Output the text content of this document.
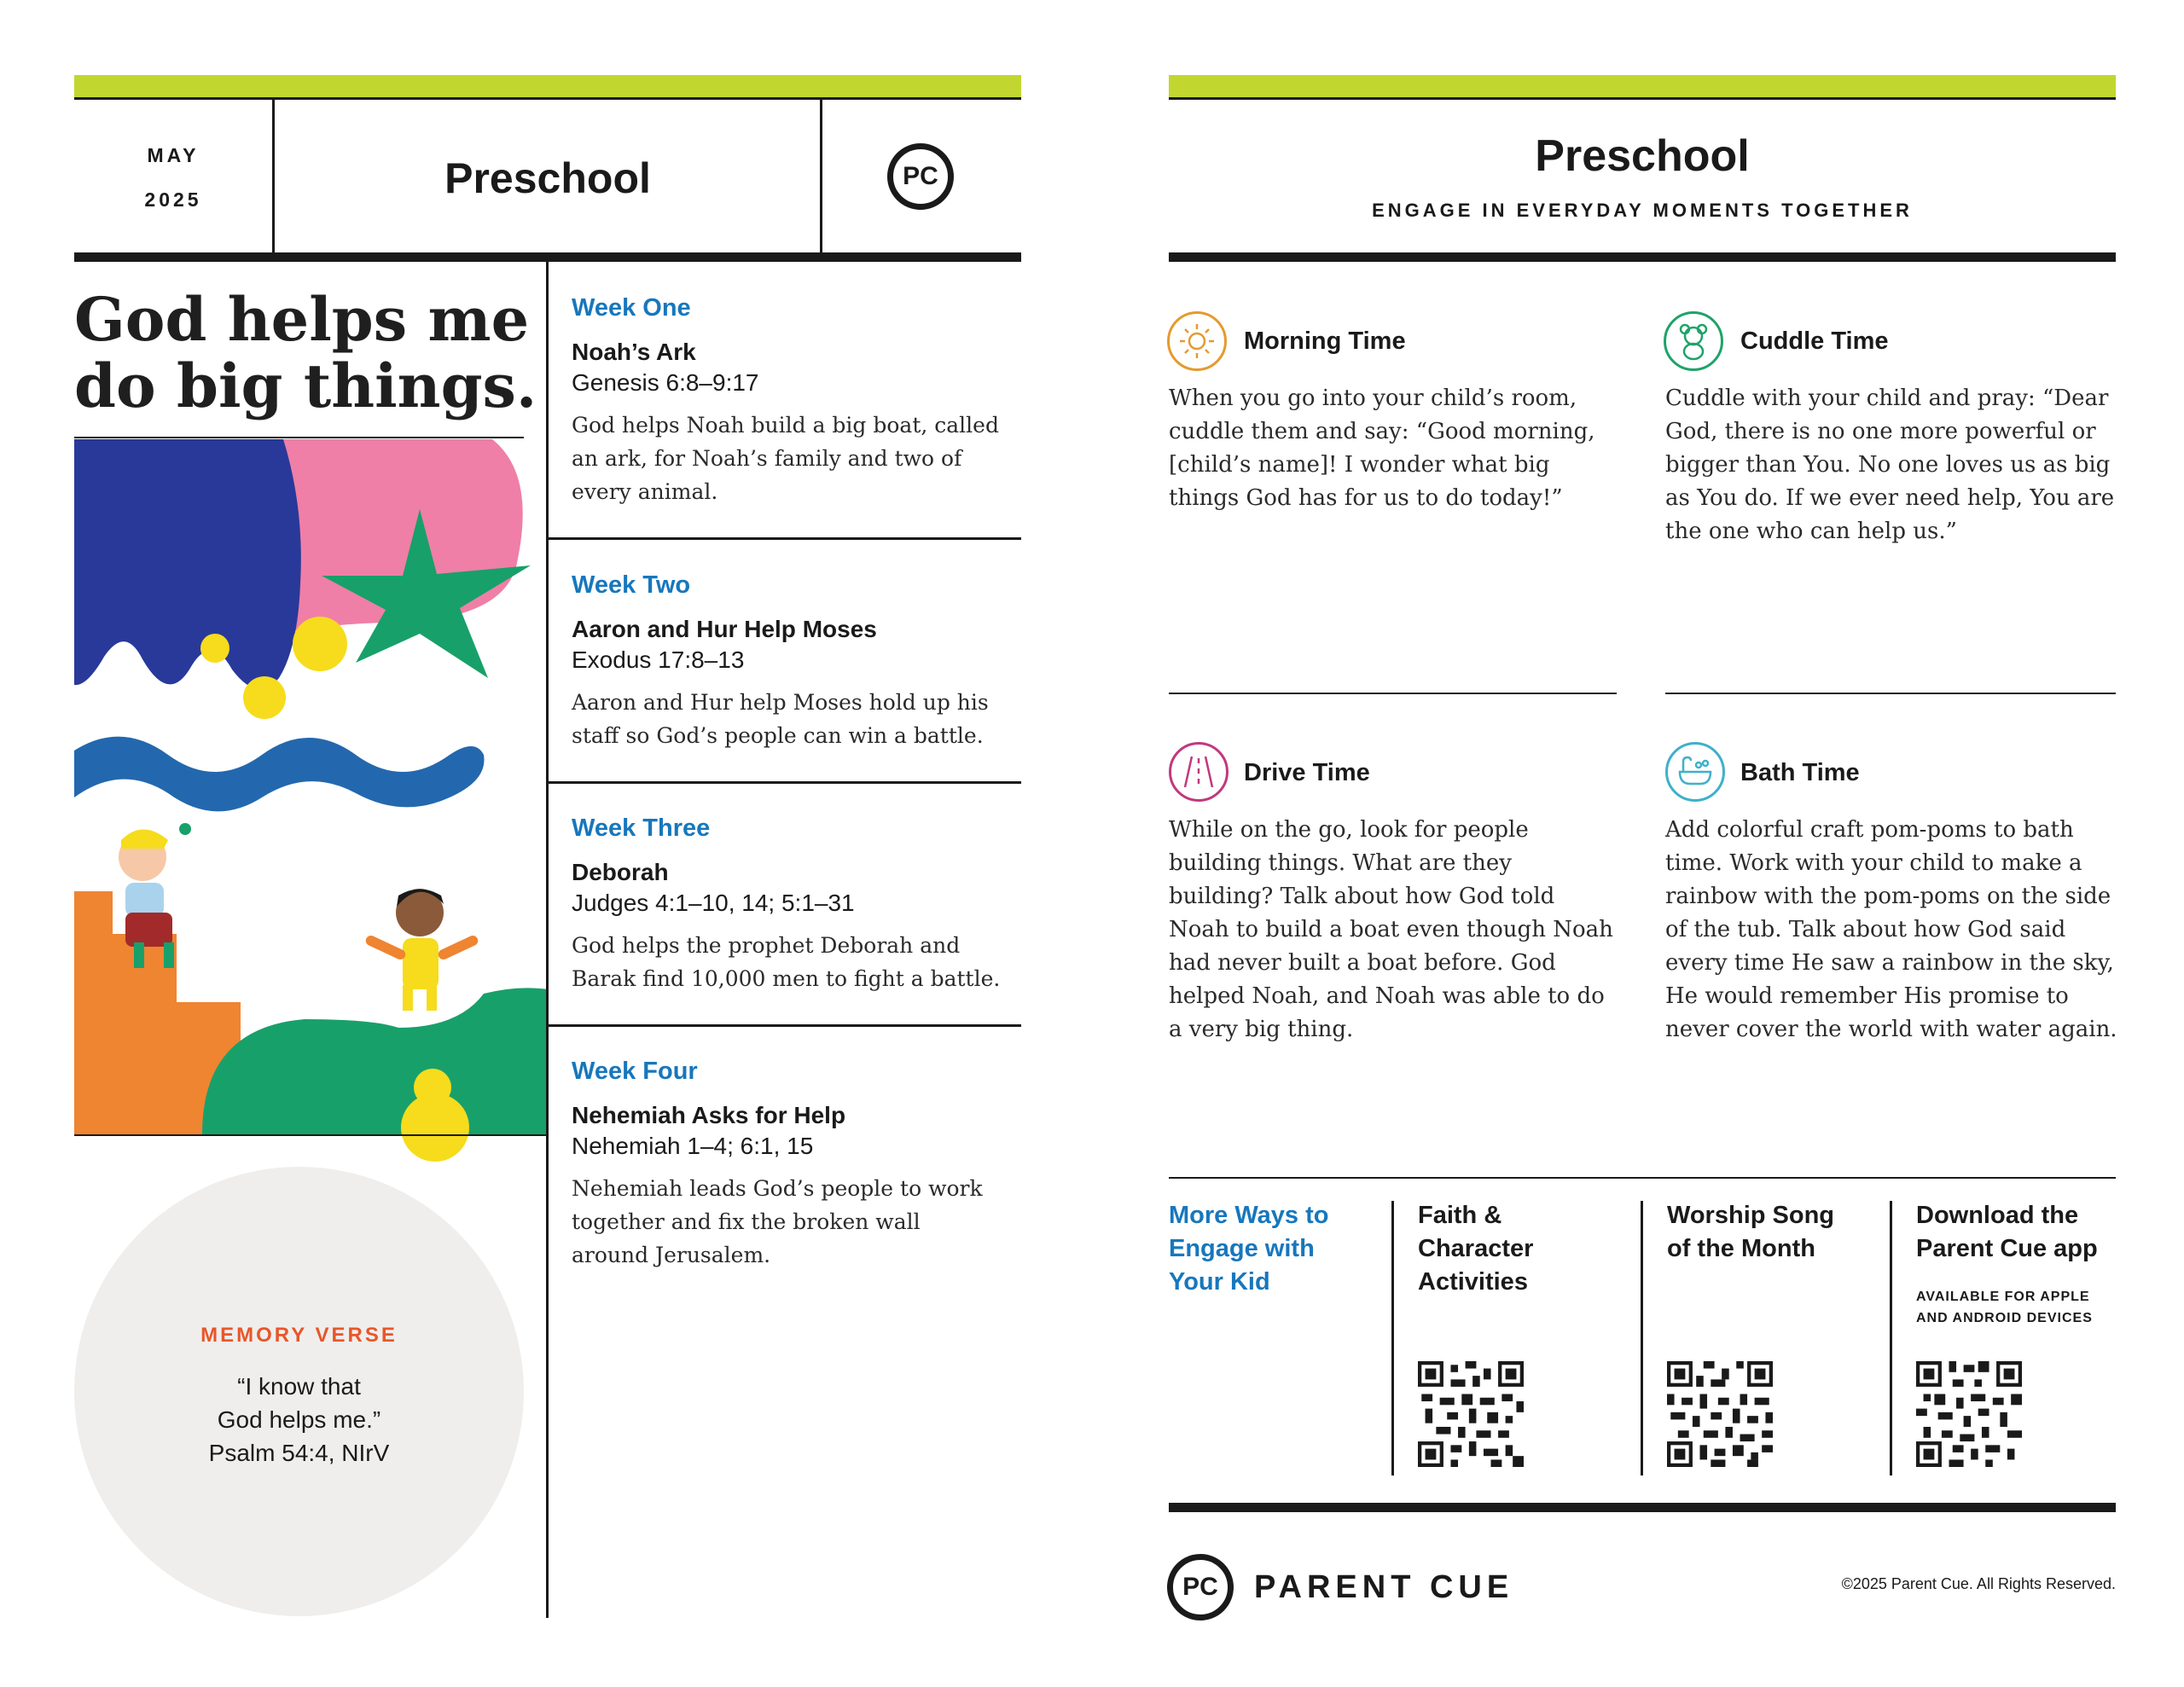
MAY
2025	Preschool	PC
God helps me do big things.
MEMORY VERSE
“I know that
God helps me.”
Psalm 54:4, NIrV
Week One
Noah’s Ark
Genesis 6:8–9:17
God helps Noah build a big boat, called an ark, for Noah’s family and two of every animal.
Week Two
Aaron and Hur Help Moses
Exodus 17:8–13
Aaron and Hur help Moses hold up his staff so God’s people can win a battle.
Week Three
Deborah
Judges 4:1–10, 14; 5:1–31
God helps the prophet Deborah and Barak find 10,000 men to fight a battle.
Week Four
Nehemiah Asks for Help
Nehemiah 1–4; 6:1, 15
Nehemiah leads God’s people to work together and fix the broken wall around Jerusalem.
Preschool
ENGAGE IN EVERYDAY MOMENTS TOGETHER
Morning Time
When you go into your child’s room, cuddle them and say: “Good morning, [child’s name]! I wonder what big things God has for us to do today!”
Cuddle Time
Cuddle with your child and pray: “Dear God, there is no one more powerful or bigger than You. No one loves us as big as You do. If we ever need help, You are the one who can help us.”
Drive Time
While on the go, look for people building things. What are they building? Talk about how God told Noah to build a boat even though Noah had never built a boat before. God helped Noah, and Noah was able to do a very big thing.
Bath Time
Add colorful craft pom-poms to bath time. Work with your child to make a rainbow with the pom-poms on the side of the tub. Talk about how God said every time He saw a rainbow in the sky, He would remember His promise to never cover the world with water again.
More Ways to Engage with Your Kid
Faith & Character Activities
Worship Song of the Month
Download the Parent Cue app
AVAILABLE FOR APPLE AND ANDROID DEVICES
PC PARENT CUE	©2025 Parent Cue. All Rights Reserved.
